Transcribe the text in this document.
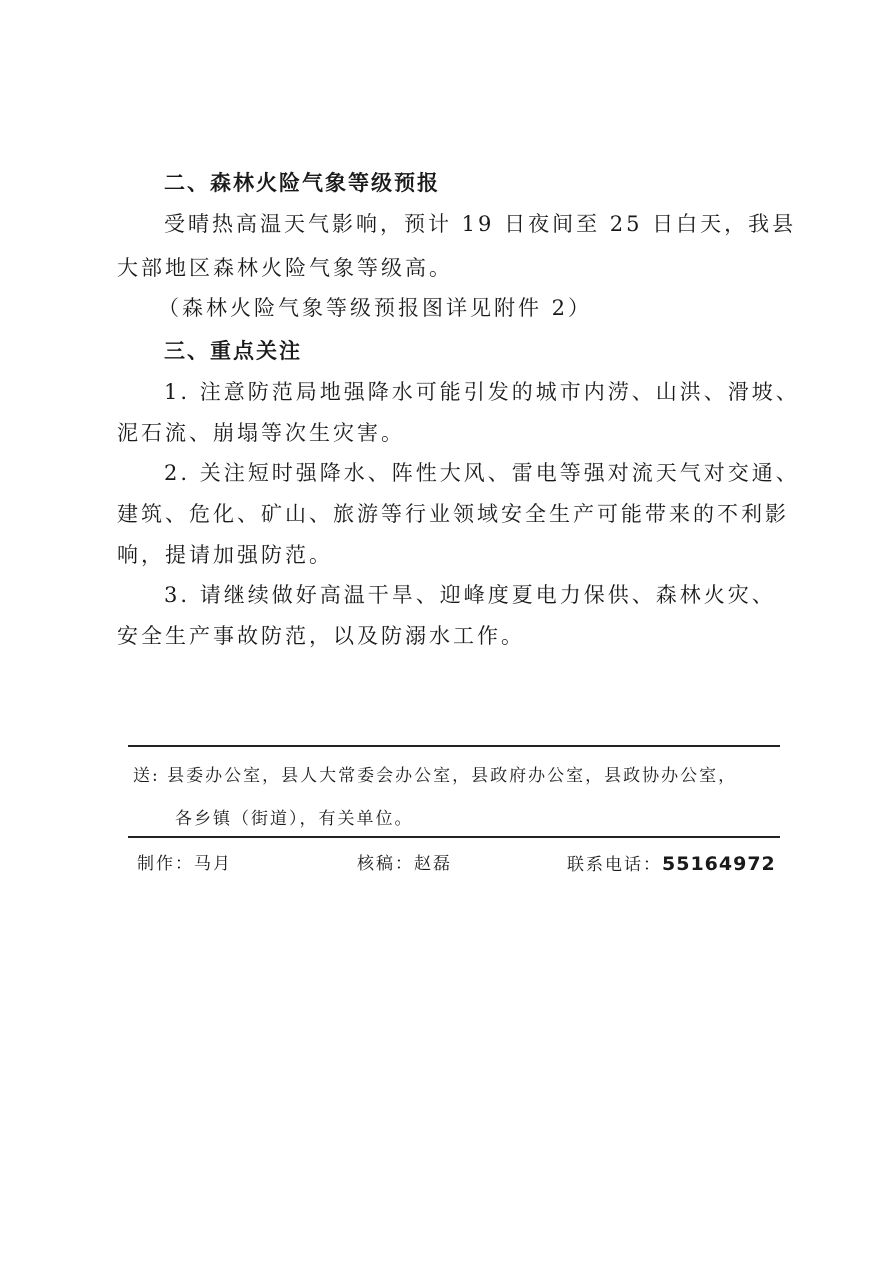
二、森林火险气象等级预报
受晴热高温天气影响，预计 19 日夜间至 25 日白天，我县
大部地区森林火险气象等级高。
（森林火险气象等级预报图详见附件 2）
三、重点关注
1. 注意防范局地强降水可能引发的城市内涝、山洪、滑坡、
泥石流、崩塌等次生灾害。
2. 关注短时强降水、阵性大风、雷电等强对流天气对交通、
建筑、危化、矿山、旅游等行业领域安全生产可能带来的不利影
响，提请加强防范。
3. 请继续做好高温干旱、迎峰度夏电力保供、森林火灾、
安全生产事故防范，以及防溺水工作。
送: 县委办公室，县人大常委会办公室，县政府办公室，县政协办公室，
各乡镇（街道），有关单位。
制作：马月	核稿：赵磊	联系电话：55164972
